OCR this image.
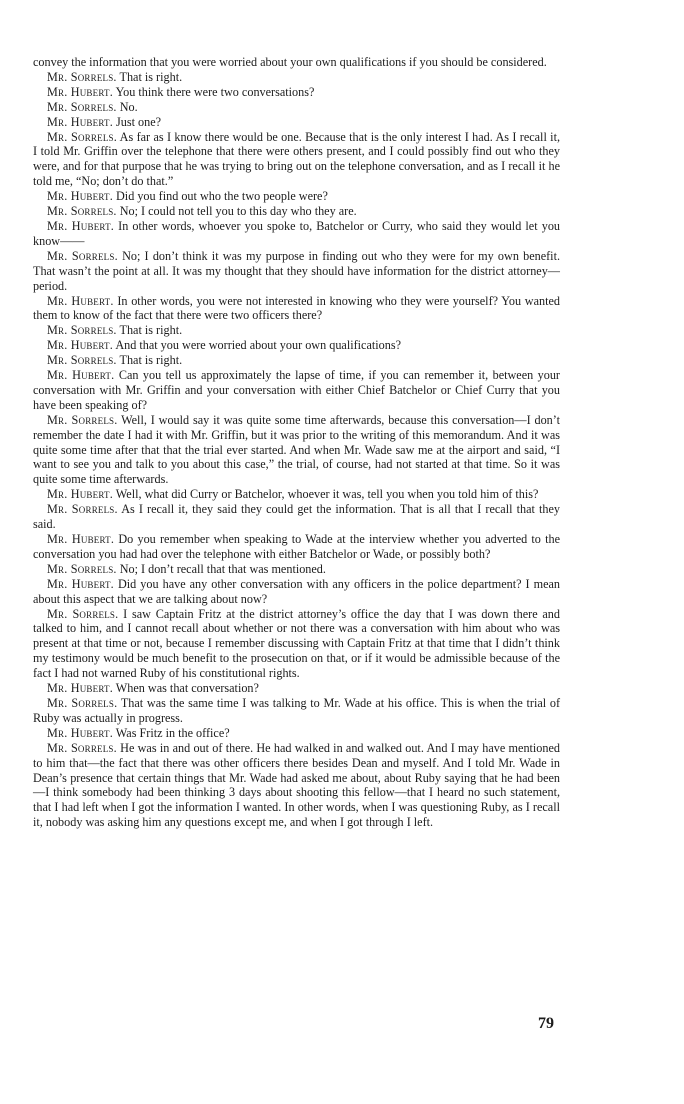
convey the information that you were worried about your own qualifications if you should be considered.

Mr. Sorrels. That is right.

Mr. Hubert. You think there were two conversations?

Mr. Sorrels. No.

Mr. Hubert. Just one?

Mr. Sorrels. As far as I know there would be one. Because that is the only interest I had. As I recall it, I told Mr. Griffin over the telephone that there were others present, and I could possibly find out who they were, and for that purpose that he was trying to bring out on the telephone conversation, and as I recall it he told me, “No; don’t do that.”

Mr. Hubert. Did you find out who the two people were?

Mr. Sorrels. No; I could not tell you to this day who they are.

Mr. Hubert. In other words, whoever you spoke to, Batchelor or Curry, who said they would let you know——

Mr. Sorrels. No; I don’t think it was my purpose in finding out who they were for my own benefit. That wasn’t the point at all. It was my thought that they should have information for the district attorney—period.

Mr. Hubert. In other words, you were not interested in knowing who they were yourself? You wanted them to know of the fact that there were two officers there?

Mr. Sorrels. That is right.

Mr. Hubert. And that you were worried about your own qualifications?

Mr. Sorrels. That is right.

Mr. Hubert. Can you tell us approximately the lapse of time, if you can remember it, between your conversation with Mr. Griffin and your conversation with either Chief Batchelor or Chief Curry that you have been speaking of?

Mr. Sorrels. Well, I would say it was quite some time afterwards, because this conversation—I don’t remember the date I had it with Mr. Griffin, but it was prior to the writing of this memorandum. And it was quite some time after that that the trial ever started. And when Mr. Wade saw me at the airport and said, “I want to see you and talk to you about this case,” the trial, of course, had not started at that time. So it was quite some time afterwards.

Mr. Hubert. Well, what did Curry or Batchelor, whoever it was, tell you when you told him of this?

Mr. Sorrels. As I recall it, they said they could get the information. That is all that I recall that they said.

Mr. Hubert. Do you remember when speaking to Wade at the interview whether you adverted to the conversation you had had over the telephone with either Batchelor or Wade, or possibly both?

Mr. Sorrels. No; I don’t recall that that was mentioned.

Mr. Hubert. Did you have any other conversation with any officers in the police department? I mean about this aspect that we are talking about now?

Mr. Sorrels. I saw Captain Fritz at the district attorney’s office the day that I was down there and talked to him, and I cannot recall about whether or not there was a conversation with him about who was present at that time or not, because I remember discussing with Captain Fritz at that time that I didn’t think my testimony would be much benefit to the prosecution on that, or if it would be admissible because of the fact I had not warned Ruby of his constitutional rights.

Mr. Hubert. When was that conversation?

Mr. Sorrels. That was the same time I was talking to Mr. Wade at his office. This is when the trial of Ruby was actually in progress.

Mr. Hubert. Was Fritz in the office?

Mr. Sorrels. He was in and out of there. He had walked in and walked out. And I may have mentioned to him that—the fact that there was other officers there besides Dean and myself. And I told Mr. Wade in Dean’s presence that certain things that Mr. Wade had asked me about, about Ruby saying that he had been—I think somebody had been thinking 3 days about shooting this fellow—that I heard no such statement, that I had left when I got the information I wanted. In other words, when I was questioning Ruby, as I recall it, nobody was asking him any questions except me, and when I got through I left.

79
